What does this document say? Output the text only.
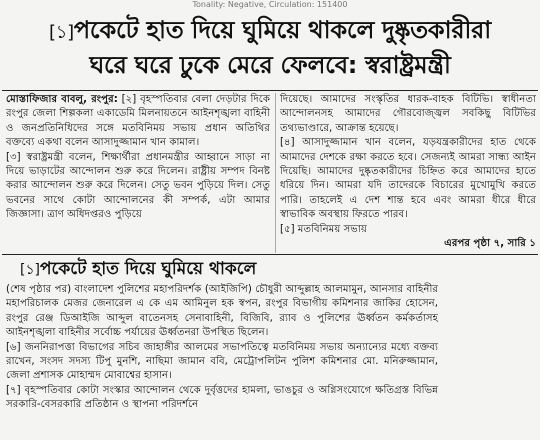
Tonality: Negative, Circulation: 151400
[১]পকেটে হাত দিয়ে ঘুমিয়ে থাকলে দুষ্কৃতকারীরা
ঘরে ঘরে ঢুকে মেরে ফেলবে: স্বরাষ্ট্রমন্ত্রী

মোস্তাফিজার বাবলু, রংপুর: [২] বৃহস্পতিবার বেলা দেড়টার দিকে রংপুর জেলা শিল্পকলা একাডেমি মিলনায়তনে আইনশৃঙ্খলা বাহিনী ও জনপ্রতিনিধিদের সঙ্গে মতবিনিময় সভায় প্রধান অতিথির বক্তব্যে একথা বলেন আসাদুজ্জামান খান কামাল।

[৩] স্বরাষ্ট্রমন্ত্রী বলেন, শিক্ষার্থীরা প্রধানমন্ত্রীর আহ্বানে সাড়া না দিয়ে ভাড়াটের আন্দোলন শুরু করে দিলেন। রাষ্ট্রীয় সম্পদ বিনষ্ট করার আন্দোলন শুরু করে দিলেন। সেতু ভবন পুড়িয়ে দিল। সেতু ভবনের সাথে কোটা আন্দোলনের কী সম্পর্ক, এটা আমার জিজ্ঞাসা। ত্রাণ অধিদপ্তরও পুড়িয়ে

দিয়েছে। আমাদের সংস্কৃতির ধারক-বাহক বিটিভি। স্বাধীনতা আন্দোলনসহ আমাদের গৌরবোজ্জ্বল সবকিছু বিটিভির তথ্যভাণ্ডারে, আক্রান্ত হয়েছে।

[৪] আসাদুজ্জামান খান বলেন, যড়যন্ত্রকারীদের হাত থেকে আমাদের দেশকে রক্ষা করতে হবে। সেজন্যই আমরা সান্ধ্য আইন দিয়েছি। আমাদের দুষ্কৃতকারীদের চিহ্নিত করে আমাদের হাতে ধরিয়ে দিন। আমরা যদি তাদেরকে বিচারের মুখোমুখি করতে পারি। তাহলেই এ দেশ শান্ত হবে এবং আমরা ধীরে ধীরে স্বাভাবিক অবস্থায় ফিরতে পারব।

[৫] মতবিনিময় সভায়

এরপর পৃষ্ঠা ৭, সারি ১

[১]পকেটে হাত দিয়ে ঘুমিয়ে থাকলে

(শেষ পৃষ্ঠার পর) বাংলাদেশ পুলিশের মহাপরিদর্শক (আইজিপি) চৌধুরী আব্দুল্লাহ আলমামুন, আনসার বাহিনীর মহাপরিচালক মেজর জেনারেল এ কে এম আমিনুল হক স্বপন, রংপুর বিভাগীয় কমিশনার জাকির হোসেন, রংপুর রেঞ্জ ডিআইজি আব্দুল বাতেনসহ সেনাবাহিনী, বিজিবি, র‍্যাব ও পুলিশের ঊর্ধ্বতন কর্মকর্তাসহ আইনশৃঙ্খলা বাহিনীর সর্বোচ্চ পর্যায়ের ঊর্ধ্বতনরা উপস্থিত ছিলেন।

[৬] জননিরাপত্তা বিভাগের সচিব জাহাঙ্গীর আলমের সভাপতিত্বে মতবিনিময় সভায় অন্যান্যের মধ্যে বক্তব্য রাখেন, সংসদ সদস্য টিপু মুনশি, নাছিমা জামান ববি, মেট্রোপলিটন পুলিশ কমিশনার মো. মনিরুজ্জামান, জেলা প্রশাসক মোহাম্মদ মোবাশ্বের হাসান।

[৭] বৃহস্পতিবার কোটা সংস্কার আন্দোলন থেকে দুর্বৃত্তদের হামলা, ভাঙচুর ও অগ্নিসংযোগে ক্ষতিগ্রস্ত বিভিন্ন সরকারি-বেসরকারি প্রতিষ্ঠান ও স্থাপনা পরিদর্শনে
